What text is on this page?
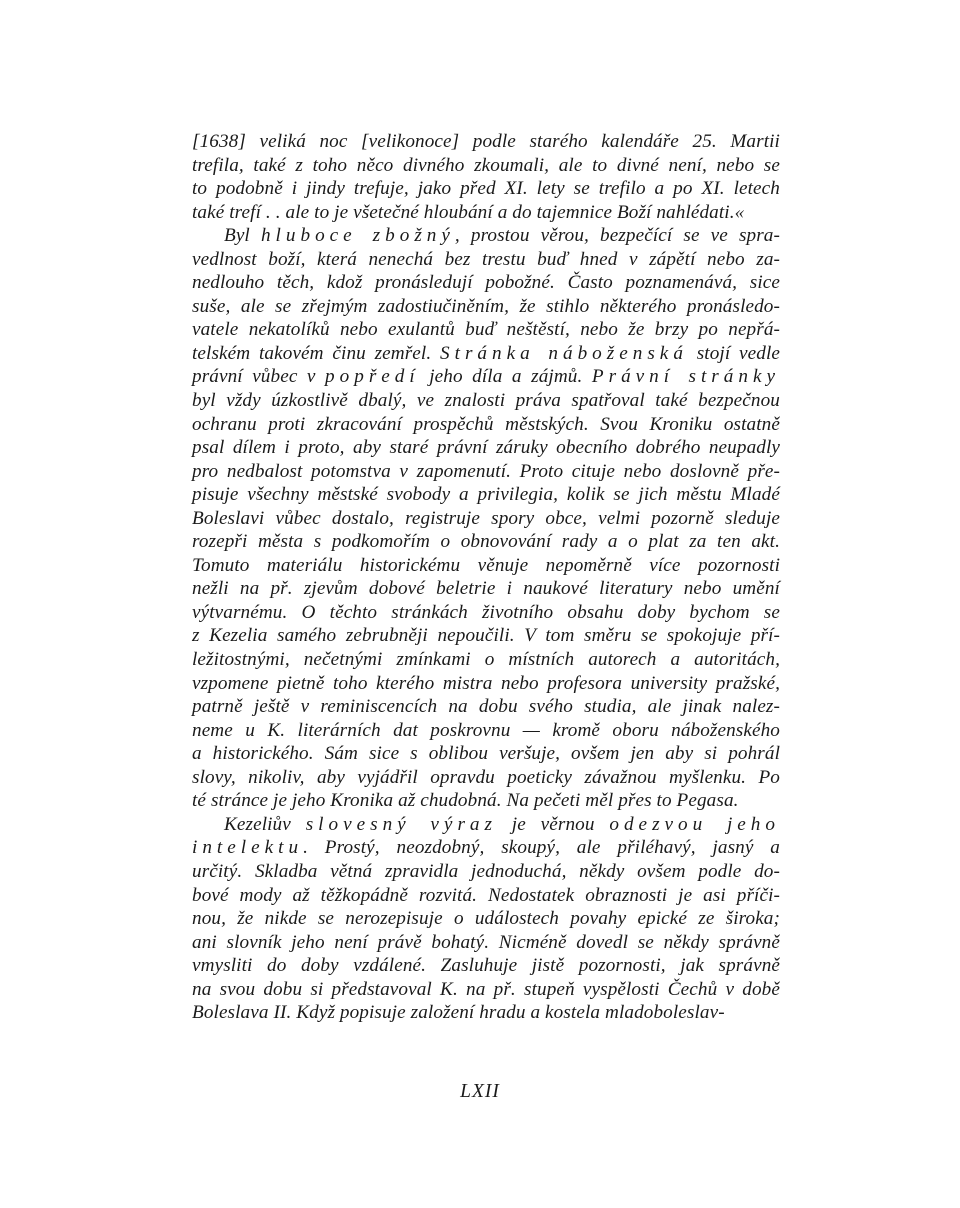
[1638] veliká noc [velikonoce] podle starého kalendáře 25. Martii
trefila, také z toho něco divného zkoumali, ale to divné není, nebo se
to podobně i jindy trefuje, jako před XI. lety se trefilo a po XI. letech
také trefí . . ale to je všetečné hloubání a do tajemnice Boží nahlédati.«
Byl hluboce zbožný, prostou věrou, bezpečící se ve spra-
vedlnost boží, která nenechá bez trestu buď hned v zápětí nebo za-
nedlouho těch, kdož pronásledují pobožné. Často poznamenává, sice
suše, ale se zřejmým zadostiučiněním, že stihlo některého pronásledo-
vatele nekatolíků nebo exulantů buď neštěstí, nebo že brzy po nepřá-
telském takovém činu zemřel. Stránka náboženská stojí vedle
právní vůbec v popředí jeho díla a zájmů. Právní stránky
byl vždy úzkostlivě dbalý, ve znalosti práva spatřoval také bezpečnou
ochranu proti zkracování prospěchů městských. Svou Kroniku ostatně
psal dílem i proto, aby staré právní záruky obecního dobrého neupadly
pro nedbalost potomstva v zapomenutí. Proto cituje nebo doslovně pře-
pisuje všechny městské svobody a privilegia, kolik se jich městu Mladé
Boleslavi vůbec dostalo, registruje spory obce, velmi pozorně sleduje
rozepři města s podkomořím o obnovování rady a o plat za ten akt.
Tomuto materiálu historickému věnuje nepoměrně více pozornosti
nežli na př. zjevům dobové beletrie i naukové literatury nebo umění
výtvarnému. O těchto stránkách životního obsahu doby bychom se
z Kezelia samého zebrubněji nepoučili. V tom směru se spokojuje pří-
ležitostnými, nečetnými zmínkami o místních autorech a autoritách,
vzpomene pietně toho kterého mistra nebo profesora university pražské,
patrně ještě v reminiscencích na dobu svého studia, ale jinak nalez-
neme u K. literárních dat poskrovnu — kromě oboru náboženského
a historického. Sám sice s oblibou veršuje, ovšem jen aby si pohrál
slovy, nikoliv, aby vyjádřil opravdu poeticky závažnou myšlenku. Po
té stránce je jeho Kronika až chudobná. Na pečeti měl přes to Pegasa.
Kezeliův slovesný výraz je věrnou odezvou jeho
intelektu. Prostý, neozdobný, skoupý, ale přiléhavý, jasný a
určitý. Skladba větná zpravidla jednoduchá, někdy ovšem podle do-
bové mody až těžkopádně rozvitá. Nedostatek obraznosti je asi příči-
nou, že nikde se nerozepisuje o událostech povahy epické ze široka;
ani slovník jeho není právě bohatý. Nicméně dovedl se někdy správně
vmysliti do doby vzdálené. Zasluhuje jistě pozornosti, jak správně
na svou dobu si představoval K. na př. stupeň vyspělosti Čechů v době
Boleslava II. Když popisuje založení hradu a kostela mladoboleslav-
LXII
